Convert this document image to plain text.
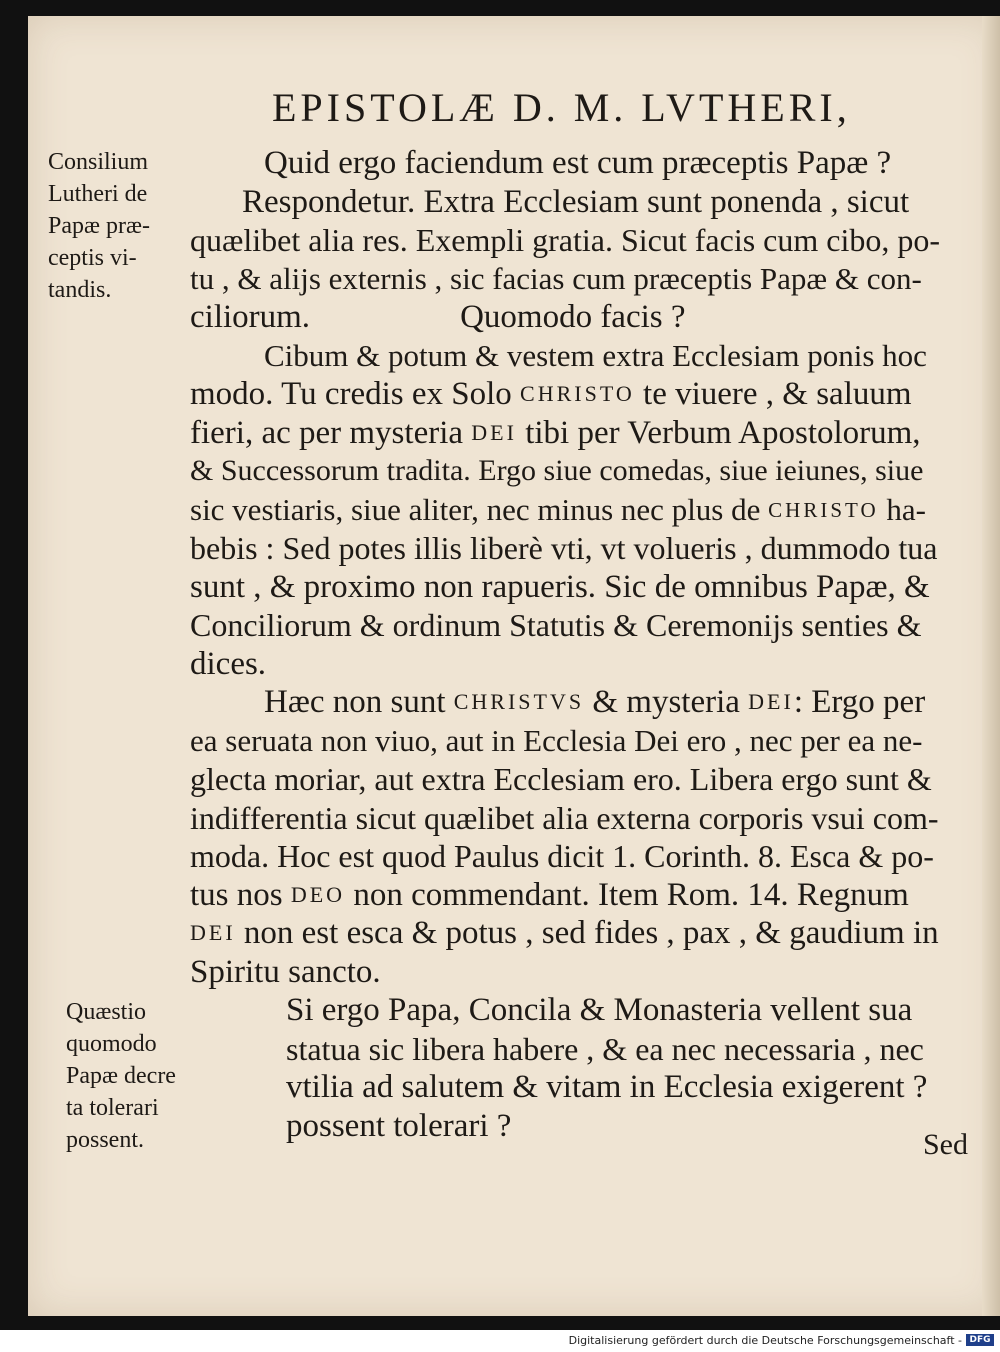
EPISTOLÆ D. M. LVTHERI,
Consilium
Lutheri de
Papæ præ-
ceptis vi-
tandis.
Quæstio
quomodo
Papæ decre
ta tolerari
possent.
Quid ergo faciendum est cum præceptis Papæ ?
Respondetur. Extra Ecclesiam sunt ponenda , sicut
quælibet alia res. Exempli gratia. Sicut facis cum cibo, po-
tu , & alijs externis , sic facias cum præceptis Papæ & con-
ciliorum.	Quomodo facis ?
Cibum & potum & vestem extra Ecclesiam ponis hoc
modo. Tu credis ex Solo
CHRISTO
te viuere , & saluum
fieri, ac per mysteria
DEI
tibi per Verbum Apostolorum,
& Successorum tradita. Ergo siue comedas, siue ieiunes, siue
sic vestiaris, siue aliter, nec minus nec plus de
CHRISTO
ha-
bebis : Sed potes illis liberè vti, vt volueris , dummodo tua
sunt , & proximo non rapueris. Sic de omnibus Papæ, &
Conciliorum & ordinum Statutis & Ceremonijs senties &
dices.
Hæc non sunt
CHRISTVS
& mysteria
DEI : Ergo per
ea seruata non viuo, aut in Ecclesia Dei ero , nec per ea ne-
glecta moriar, aut extra Ecclesiam ero. Libera ergo sunt &
indifferentia sicut quælibet alia externa corporis vsui com-
moda. Hoc est quod Paulus dicit 1. Corinth. 8. Esca & po-
tus nos
DEO
non commendant. Item Rom. 14. Regnum
DEI
non est esca & potus , sed fides , pax , & gaudium in
Spiritu sancto.
Si ergo Papa, Concila & Monasteria vellent sua
statua sic libera habere , & ea nec necessaria , nec
vtilia ad salutem & vitam in Ecclesia exigerent ?
possent tolerari ?
Sed
Digitalisierung gefördert durch die Deutsche Forschungsgemeinschaft - DFG
